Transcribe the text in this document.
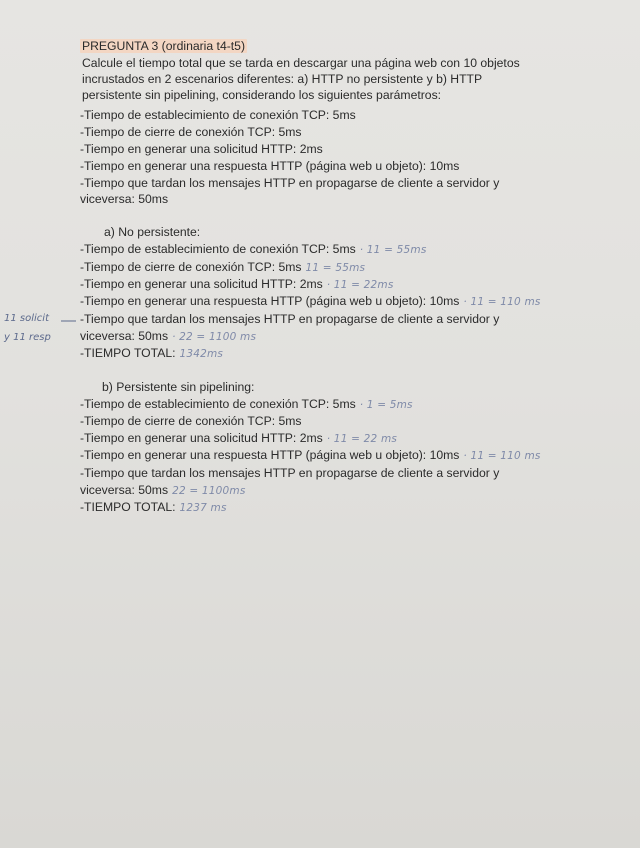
PREGUNTA 3 (ordinaria t4-t5)
Calcule el tiempo total que se tarda en descargar una página web con 10 objetos
incrustados en 2 escenarios diferentes: a) HTTP no persistente y b) HTTP
persistente sin pipelining, considerando los siguientes parámetros:
-Tiempo de establecimiento de conexión TCP: 5ms
-Tiempo de cierre de conexión TCP: 5ms
-Tiempo en generar una solicitud HTTP: 2ms
-Tiempo en generar una respuesta HTTP (página web u objeto): 10ms
-Tiempo que tardan los mensajes HTTP en propagarse de cliente a servidor y
viceversa: 50ms
a) No persistente:
-Tiempo de establecimiento de conexión TCP: 5ms · 11 = 55ms
-Tiempo de cierre de conexión TCP: 5ms 11 = 55ms
-Tiempo en generar una solicitud HTTP: 2ms · 11 = 22ms
-Tiempo en generar una respuesta HTTP (página web u objeto): 10ms · 11 = 110 ms
-Tiempo que tardan los mensajes HTTP en propagarse de cliente a servidor y
viceversa: 50ms · 22 = 1100 ms
-TIEMPO TOTAL: 1342ms
11 solicit
y 11 resp
b) Persistente sin pipelining:
-Tiempo de establecimiento de conexión TCP: 5ms · 1 = 5ms
-Tiempo de cierre de conexión TCP: 5ms
-Tiempo en generar una solicitud HTTP: 2ms · 11 = 22 ms
-Tiempo en generar una respuesta HTTP (página web u objeto): 10ms · 11 = 110 ms
-Tiempo que tardan los mensajes HTTP en propagarse de cliente a servidor y
viceversa: 50ms 22 = 1100ms
-TIEMPO TOTAL: 1237 ms
